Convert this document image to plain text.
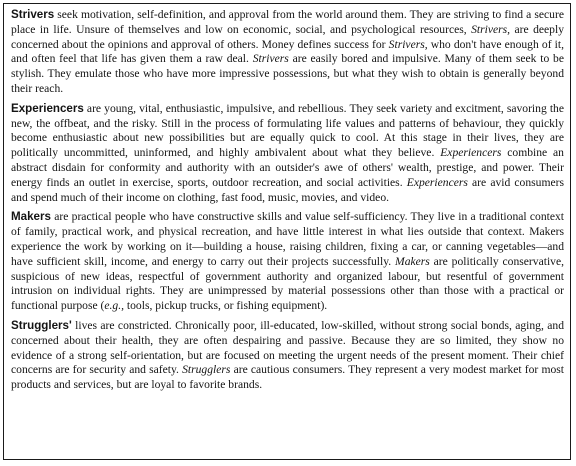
Strivers seek motivation, self-definition, and approval from the world around them. They are striving to find a secure place in life. Unsure of themselves and low on economic, social, and psychological resources, Strivers, are deeply concerned about the opinions and approval of others. Money defines success for Strivers, who don't have enough of it, and often feel that life has given them a raw deal. Strivers are easily bored and impulsive. Many of them seek to be stylish. They emulate those who have more impressive possessions, but what they wish to obtain is generally beyond their reach.

Experiencers are young, vital, enthusiastic, impulsive, and rebellious. They seek variety and excitment, savoring the new, the offbeat, and the risky. Still in the process of formulating life values and patterns of behaviour, they quickly become enthusiastic about new possibilities but are equally quick to cool. At this stage in their lives, they are politically uncommitted, uninformed, and highly ambivalent about what they believe. Experiencers combine an abstract disdain for conformity and authority with an outsider's awe of others' wealth, prestige, and power. Their energy finds an outlet in exercise, sports, outdoor recreation, and social activities. Experiencers are avid consumers and spend much of their income on clothing, fast food, music, movies, and video.

Makers are practical people who have constructive skills and value self-sufficiency. They live in a traditional context of family, practical work, and physical recreation, and have little interest in what lies outside that context. Makers experience the work by working on it—building a house, raising children, fixing a car, or canning vegetables—and have sufficient skill, income, and energy to carry out their projects successfully. Makers are politically conservative, suspicious of new ideas, respectful of government authority and organized labour, but resentful of government intrusion on individual rights. They are unimpressed by material possessions other than those with a practical or functional purpose (e.g., tools, pickup trucks, or fishing equipment).

Strugglers' lives are constricted. Chronically poor, ill-educated, low-skilled, without strong social bonds, aging, and concerned about their health, they are often despairing and passive. Because they are so limited, they show no evidence of a strong self-orientation, but are focused on meeting the urgent needs of the present moment. Their chief concerns are for security and safety. Strugglers are cautious consumers. They represent a very modest market for most products and services, but are loyal to favorite brands.
